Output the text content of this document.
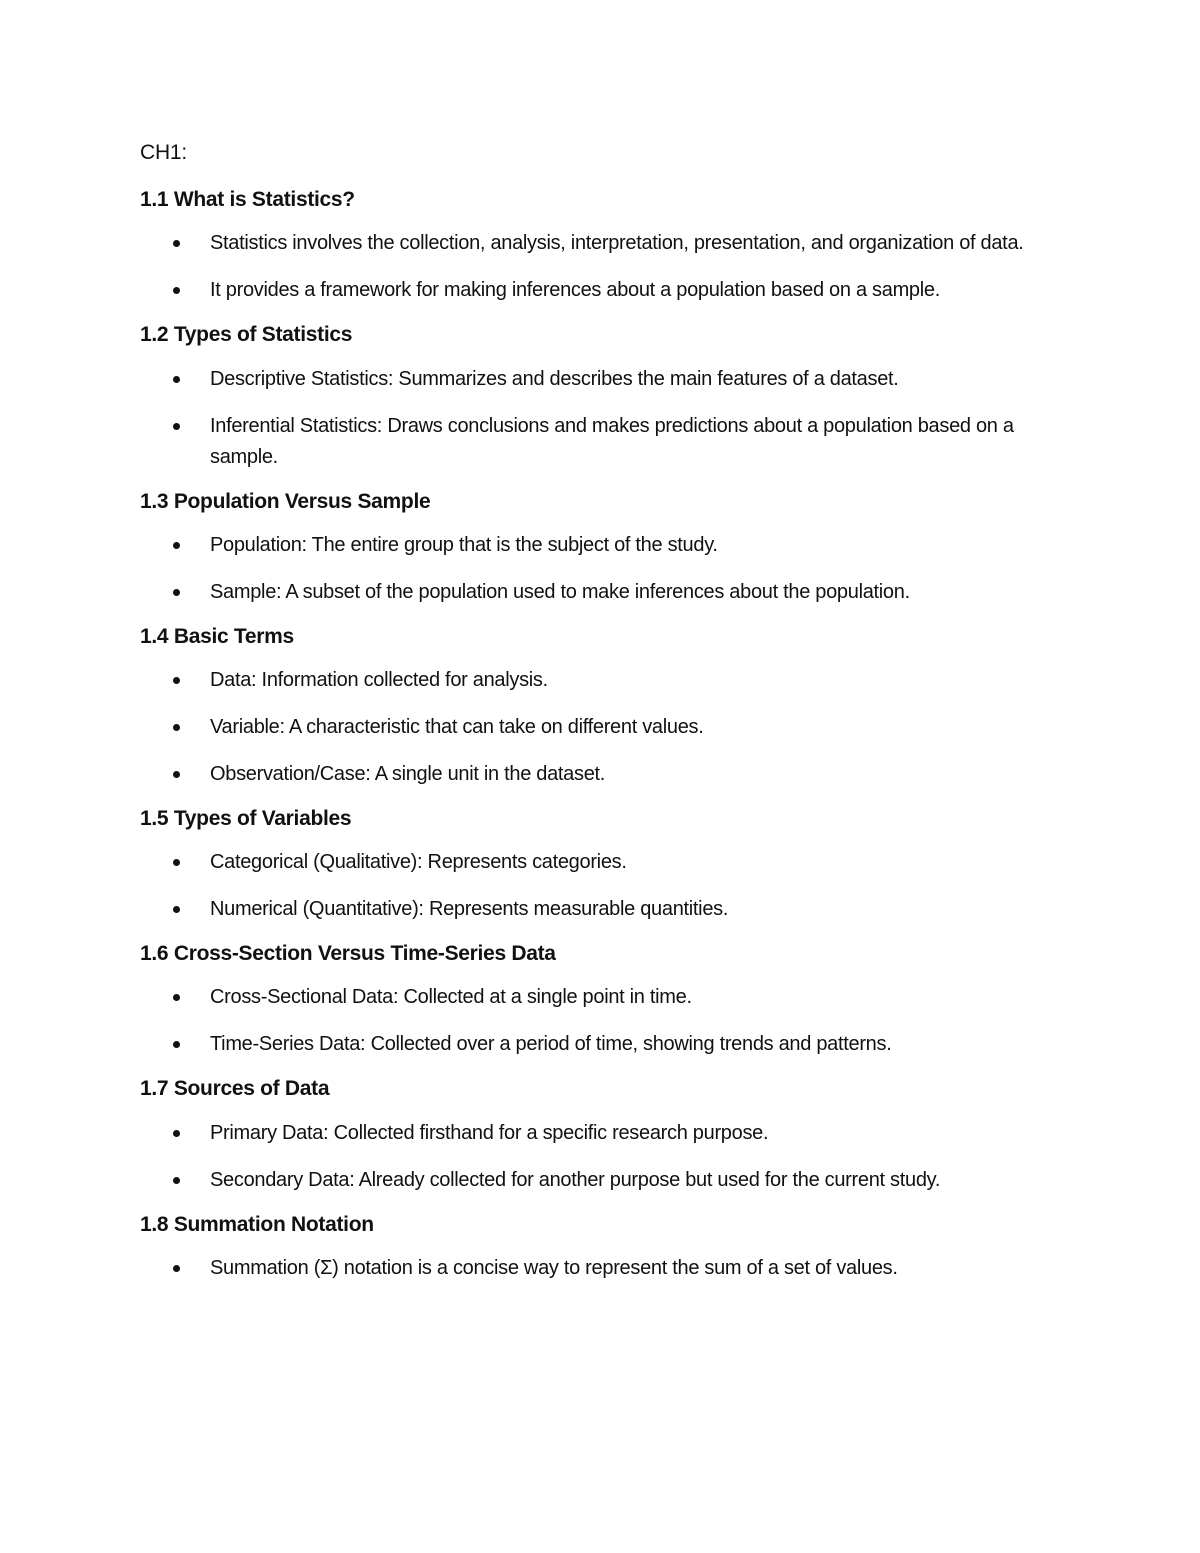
CH1:
1.1 What is Statistics?
Statistics involves the collection, analysis, interpretation, presentation, and organization of data.
It provides a framework for making inferences about a population based on a sample.
1.2 Types of Statistics
Descriptive Statistics: Summarizes and describes the main features of a dataset.
Inferential Statistics: Draws conclusions and makes predictions about a population based on a sample.
1.3 Population Versus Sample
Population: The entire group that is the subject of the study.
Sample: A subset of the population used to make inferences about the population.
1.4 Basic Terms
Data: Information collected for analysis.
Variable: A characteristic that can take on different values.
Observation/Case: A single unit in the dataset.
1.5 Types of Variables
Categorical (Qualitative): Represents categories.
Numerical (Quantitative): Represents measurable quantities.
1.6 Cross-Section Versus Time-Series Data
Cross-Sectional Data: Collected at a single point in time.
Time-Series Data: Collected over a period of time, showing trends and patterns.
1.7 Sources of Data
Primary Data: Collected firsthand for a specific research purpose.
Secondary Data: Already collected for another purpose but used for the current study.
1.8 Summation Notation
Summation (Σ) notation is a concise way to represent the sum of a set of values.
